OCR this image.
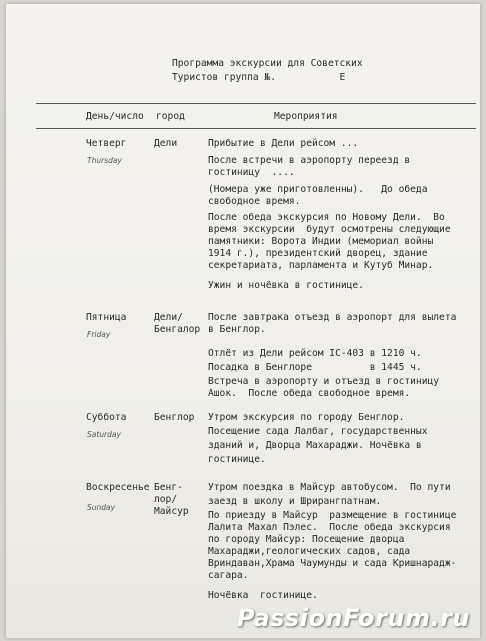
Программа экскурсии для Советских
Туристов группа №.           Е
День/число город	Мероприятия
Четверг
Thursday
Дели	Прибытие в Дели рейсом ...
После встречи в аэропорту переезд в
гостиницу  ....
(Номера уже приготовленны).   До обеда
свободное время.
После обеда экскурсия по Новому Дели.  Во
время экскурсии  будут осмотрены следующие
памятники: Ворота Индии (мемориал войны
1914 г.), президентский дворец, здание
секретариата, парламента и Кутуб Минар.
Ужин и ночёвка в гостинице.
Пятница
Friday
Дели/
Бенгалор
После завтрака отъезд в аэропорт для вылета
в Бенглор.
Отлёт из Дели рейсом IC-403 в 1210 ч.
Посадка в Бенглоре          в 1445 ч.
Встреча в аэропорту и отъезд в гостиницу
Ашок.  После обеда свободное время.
Суббота
Saturday
Бенглор Утром экскурсия по городу Бенглор.
Посещение сада Лалбаг, государственных
зданий и, Дворца Махараджи. Ночёвка в
гостинице.
Воскресенье
Sunday
Бенг-
лор/
Майсур
Утром поездка в Майсур автобусом.  По пути
заезд в школу и Шрирангпатнам.
По приезду в Майсур  размещение в гостинице
Лалита Махал Пэлес.  После обеда экскурсия
по городу Майсур: Посещение дворца
Махараджи,геологических садов, сада
Вриндаван,Храма Чаумунды и сада Кришнарадж-
сагара.
Ночёвка  гостинице.
PassionForum.ru
